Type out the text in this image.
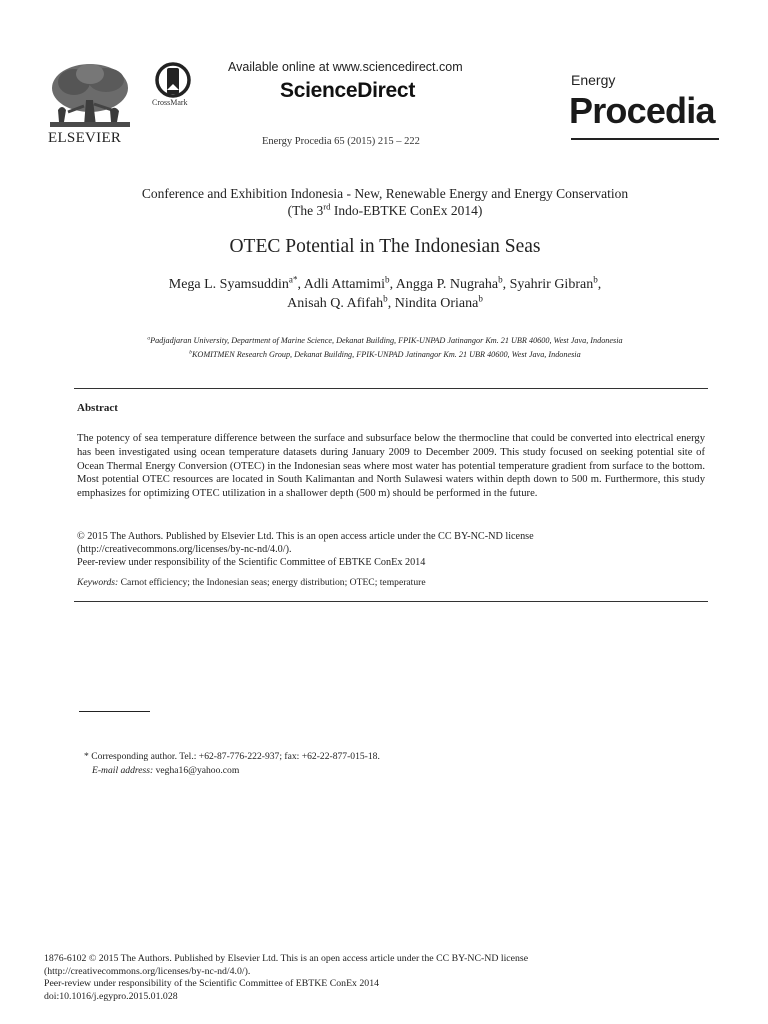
ELSEVIER
CrossMark
Available online at www.sciencedirect.com
ScienceDirect
Energy Procedia 65 (2015) 215 – 222
Energy
Procedia
Conference and Exhibition Indonesia - New, Renewable Energy and Energy Conservation
(The 3rd Indo-EBTKE ConEx 2014)
OTEC Potential in The Indonesian Seas
Mega L. Syamsuddin$^{a*}$, Adli Attamimi$^b$, Angga P. Nugraha$^b$, Syahrir Gibran$^b$,
Anisah Q. Afifah$^b$, Nindita Oriana$^b$
$^a$Padjadjaran University, Department of Marine Science, Dekanat Building, FPIK-UNPAD Jatinangor Km. 21 UBR 40600, West Java, Indonesia
$^b$KOMITMEN Research Group, Dekanat Building, FPIK-UNPAD Jatinangor Km. 21 UBR 40600, West Java, Indonesia
Abstract
The potency of sea temperature difference between the surface and subsurface below the thermocline that could be converted into electrical energy has been investigated using ocean temperature datasets during January 2009 to December 2009. This study focused on seeking potential site of Ocean Thermal Energy Conversion (OTEC) in the Indonesian seas where most water has potential temperature gradient from surface to the bottom. Most potential OTEC resources are located in South Kalimantan and North Sulawesi waters within depth down to 500 m. Furthermore, this study emphasizes for optimizing OTEC utilization in a shallower depth (500 m) should be performed in the future.
© 2015 The Authors. Published by Elsevier Ltd. This is an open access article under the CC BY-NC-ND license
(http://creativecommons.org/licenses/by-nc-nd/4.0/).
Peer-review under responsibility of the Scientific Committee of EBTKE ConEx 2014
Keywords: Carnot efficiency; the Indonesian seas; energy distribution; OTEC; temperature
* Corresponding author. Tel.: +62-87-776-222-937; fax: +62-22-877-015-18.
E-mail address: vegha16@yahoo.com
1876-6102 © 2015 The Authors. Published by Elsevier Ltd. This is an open access article under the CC BY-NC-ND license
(http://creativecommons.org/licenses/by-nc-nd/4.0/).
Peer-review under responsibility of the Scientific Committee of EBTKE ConEx 2014
doi:10.1016/j.egypro.2015.01.028
